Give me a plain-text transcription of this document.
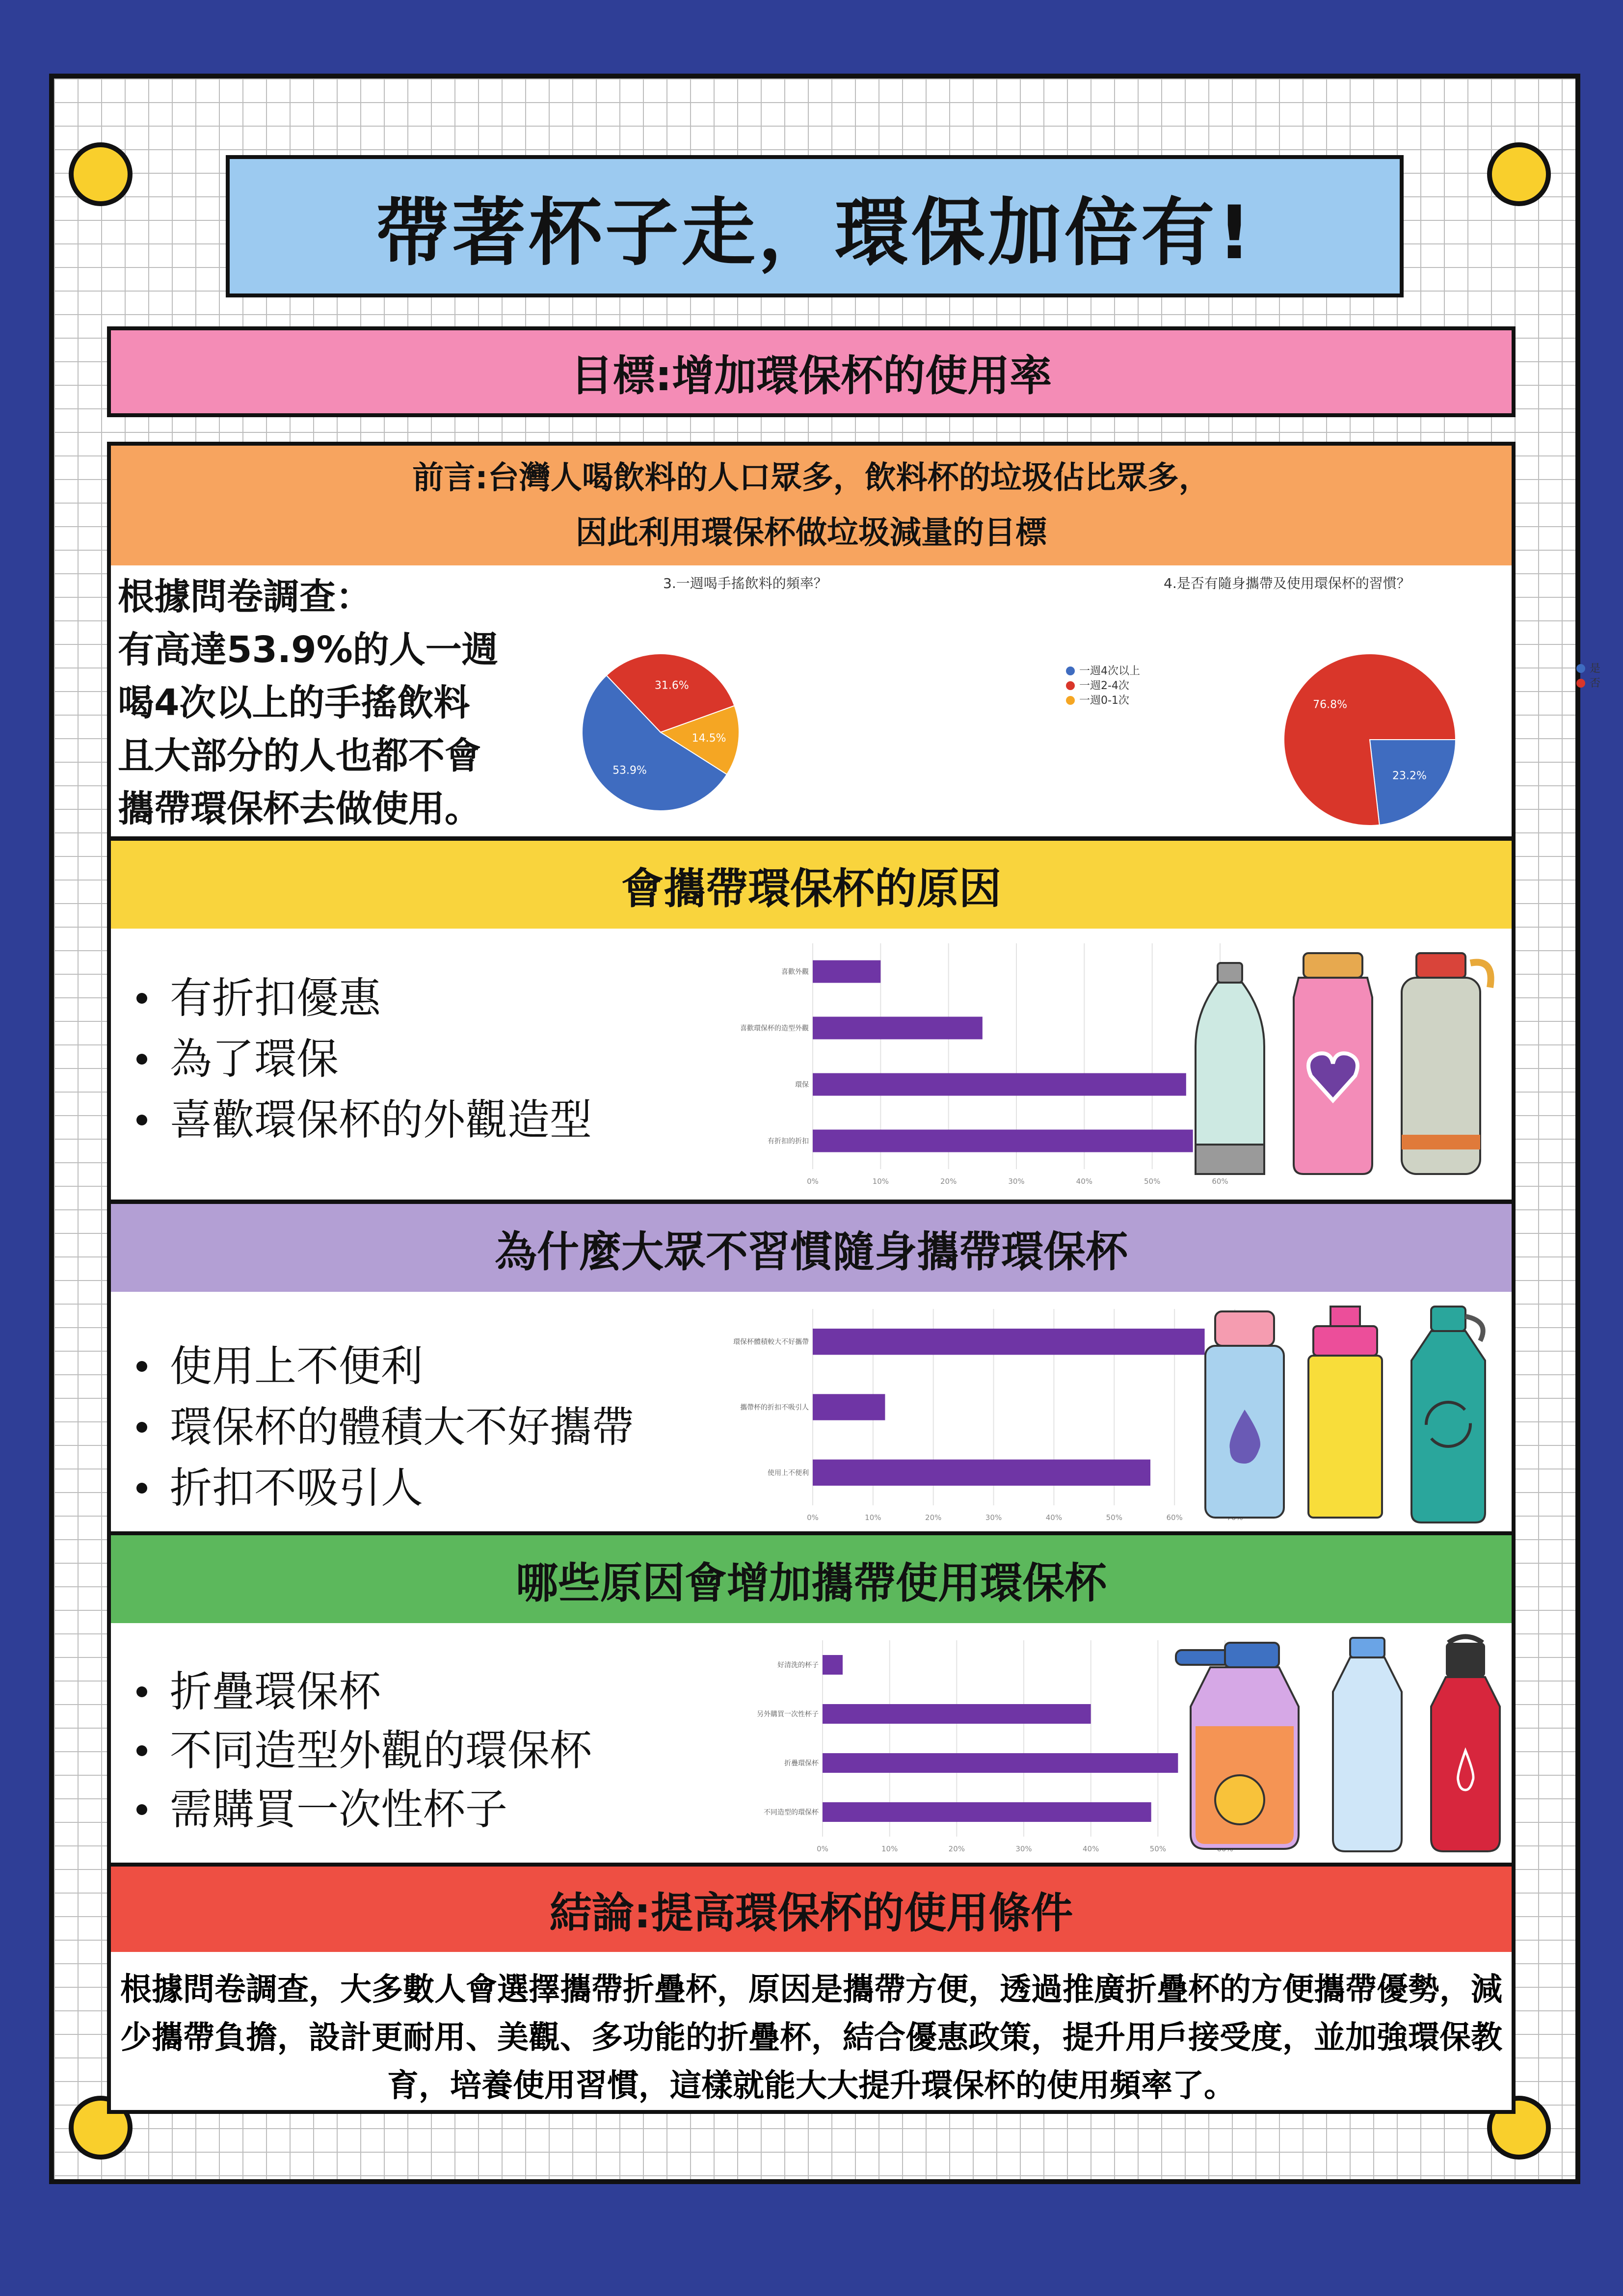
帶著杯子走，環保加倍有!
目標:增加環保杯的使用率
前言:台灣人喝飲料的人口眾多，飲料杯的垃圾佔比眾多，
因此利用環保杯做垃圾減量的目標
根據問卷調查：
有高達53.9%的人一週
喝4次以上的手搖飲料
且大部分的人也都不會
攜帶環保杯去做使用。
3.一週喝手搖飲料的頻率？
53.9%
31.6%
14.5%
一週4次以上
一週2-4次
一週0-1次
4.是否有隨身攜帶及使用環保杯的習慣？
23.2%
76.8%
是
否
會攜帶環保杯的原因
有折扣優惠
為了環保
喜歡環保杯的外觀造型
0%	10%	20%	30%	40%	50%	60%
喜歡外觀
喜歡環保杯的造型外觀
環保
有折扣的折扣
為什麼大眾不習慣隨身攜帶環保杯
使用上不便利
環保杯的體積大不好攜帶
折扣不吸引人
0%	10%	20%	30%	40%	50%	60%
環保杯體積較大不好攜帶
攜帶杯的折扣不吸引人
使用上不便利
哪些原因會增加攜帶使用環保杯
折疊環保杯
不同造型外觀的環保杯
需購買一次性杯子
0%	10%	20%	30%	40%	50%
好清洗的杯子
另外購買一次性杯子
折疊環保杯
不同造型的環保杯
結論:提高環保杯的使用條件
根據問卷調查，大多數人會選擇攜帶折疊杯，原因是攜帶方便，透過推廣折疊杯的方便攜帶優勢，減少攜帶負擔，設計更耐用、美觀、多功能的折疊杯，結合優惠政策，提升用戶接受度，並加強環保教育，培養使用習慣，這樣就能大大提升環保杯的使用頻率了。
